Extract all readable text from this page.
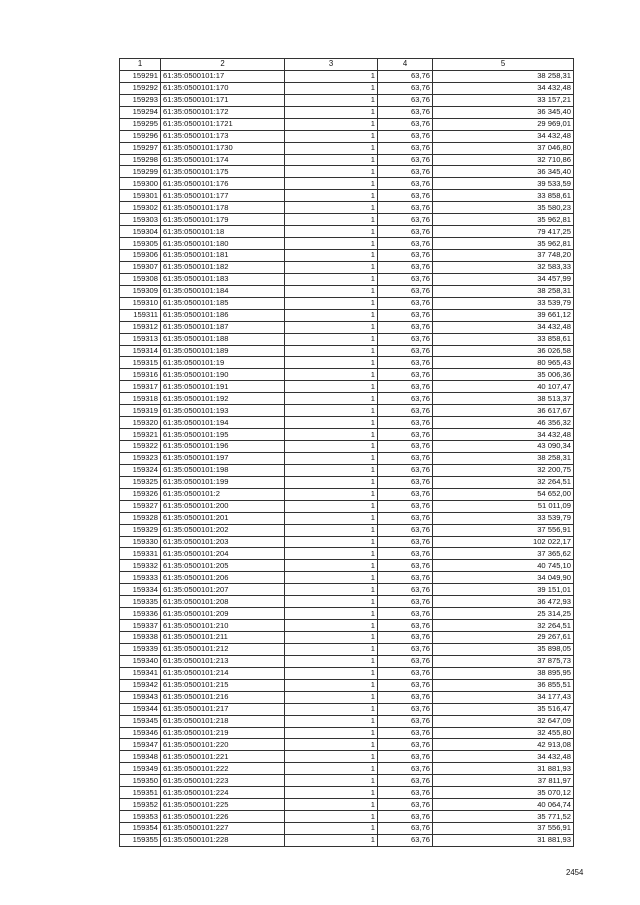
1	2	3	4	5
159291	61:35:0500101:17	1	63,76	38 258,31
159292	61:35:0500101:170	1	63,76	34 432,48
159293	61:35:0500101:171	1	63,76	33 157,21
159294	61:35:0500101:172	1	63,76	36 345,40
159295	61:35:0500101:1721	1	63,76	29 969,01
159296	61:35:0500101:173	1	63,76	34 432,48
159297	61:35:0500101:1730	1	63,76	37 046,80
159298	61:35:0500101:174	1	63,76	32 710,86
159299	61:35:0500101:175	1	63,76	36 345,40
159300	61:35:0500101:176	1	63,76	39 533,59
159301	61:35:0500101:177	1	63,76	33 858,61
159302	61:35:0500101:178	1	63,76	35 580,23
159303	61:35:0500101:179	1	63,76	35 962,81
159304	61:35:0500101:18	1	63,76	79 417,25
159305	61:35:0500101:180	1	63,76	35 962,81
159306	61:35:0500101:181	1	63,76	37 748,20
159307	61:35:0500101:182	1	63,76	32 583,33
159308	61:35:0500101:183	1	63,76	34 457,99
159309	61:35:0500101:184	1	63,76	38 258,31
159310	61:35:0500101:185	1	63,76	33 539,79
159311	61:35:0500101:186	1	63,76	39 661,12
159312	61:35:0500101:187	1	63,76	34 432,48
159313	61:35:0500101:188	1	63,76	33 858,61
159314	61:35:0500101:189	1	63,76	36 026,58
159315	61:35:0500101:19	1	63,76	80 965,43
159316	61:35:0500101:190	1	63,76	35 006,36
159317	61:35:0500101:191	1	63,76	40 107,47
159318	61:35:0500101:192	1	63,76	38 513,37
159319	61:35:0500101:193	1	63,76	36 617,67
159320	61:35:0500101:194	1	63,76	46 356,32
159321	61:35:0500101:195	1	63,76	34 432,48
159322	61:35:0500101:196	1	63,76	43 090,34
159323	61:35:0500101:197	1	63,76	38 258,31
159324	61:35:0500101:198	1	63,76	32 200,75
159325	61:35:0500101:199	1	63,76	32 264,51
159326	61:35:0500101:2	1	63,76	54 652,00
159327	61:35:0500101:200	1	63,76	51 011,09
159328	61:35:0500101:201	1	63,76	33 539,79
159329	61:35:0500101:202	1	63,76	37 556,91
159330	61:35:0500101:203	1	63,76	102 022,17
159331	61:35:0500101:204	1	63,76	37 365,62
159332	61:35:0500101:205	1	63,76	40 745,10
159333	61:35:0500101:206	1	63,76	34 049,90
159334	61:35:0500101:207	1	63,76	39 151,01
159335	61:35:0500101:208	1	63,76	36 472,93
159336	61:35:0500101:209	1	63,76	25 314,25
159337	61:35:0500101:210	1	63,76	32 264,51
159338	61:35:0500101:211	1	63,76	29 267,61
159339	61:35:0500101:212	1	63,76	35 898,05
159340	61:35:0500101:213	1	63,76	37 875,73
159341	61:35:0500101:214	1	63,76	38 895,95
159342	61:35:0500101:215	1	63,76	36 855,51
159343	61:35:0500101:216	1	63,76	34 177,43
159344	61:35:0500101:217	1	63,76	35 516,47
159345	61:35:0500101:218	1	63,76	32 647,09
159346	61:35:0500101:219	1	63,76	32 455,80
159347	61:35:0500101:220	1	63,76	42 913,08
159348	61:35:0500101:221	1	63,76	34 432,48
159349	61:35:0500101:222	1	63,76	31 881,93
159350	61:35:0500101:223	1	63,76	37 811,97
159351	61:35:0500101:224	1	63,76	35 070,12
159352	61:35:0500101:225	1	63,76	40 064,74
159353	61:35:0500101:226	1	63,76	35 771,52
159354	61:35:0500101:227	1	63,76	37 556,91
159355	61:35:0500101:228	1	63,76	31 881,93
2454
